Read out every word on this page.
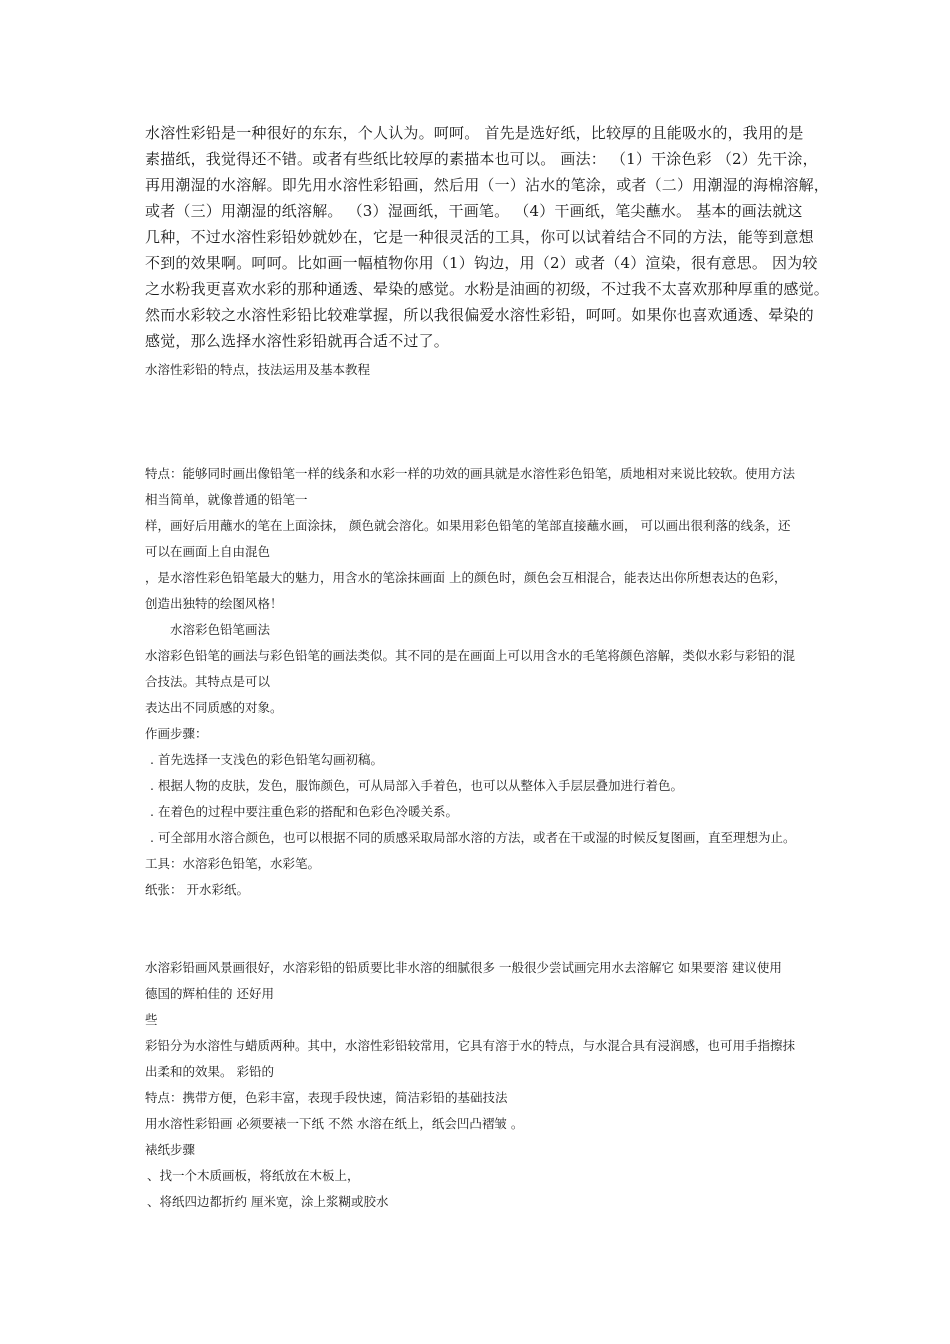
水溶性彩铅是一种很好的东东，个人认为。呵呵。 首先是选好纸，比较厚的且能吸水的，我用的是
素描纸，我觉得还不错。或者有些纸比较厚的素描本也可以。 画法： （1）干涂色彩 （2）先干涂，
再用潮湿的水溶解。即先用水溶性彩铅画，然后用（一）沾水的笔涂，或者（二）用潮湿的海棉溶解，
或者（三）用潮湿的纸溶解。 （3）湿画纸，干画笔。 （4）干画纸，笔尖蘸水。 基本的画法就这
几种，不过水溶性彩铅妙就妙在，它是一种很灵活的工具，你可以试着结合不同的方法，能等到意想
不到的效果啊。呵呵。比如画一幅植物你用（1）钩边，用（2）或者（4）渲染，很有意思。 因为较
之水粉我更喜欢水彩的那种通透、晕染的感觉。水粉是油画的初级，不过我不太喜欢那种厚重的感觉。
然而水彩较之水溶性彩铅比较难掌握，所以我很偏爱水溶性彩铅，呵呵。如果你也喜欢通透、晕染的
感觉，那么选择水溶性彩铅就再合适不过了。
水溶性彩铅的特点，技法运用及基本教程
特点：能够同时画出像铅笔一样的线条和水彩一样的功效的画具就是水溶性彩色铅笔，质地相对来说比较软。使用方法
相当简单，就像普通的铅笔一
样，画好后用蘸水的笔在上面涂抹， 颜色就会溶化。如果用彩色铅笔的笔部直接蘸水画， 可以画出很利落的线条，还
可以在画面上自由混色
，是水溶性彩色铅笔最大的魅力，用含水的笔涂抹画面 上的颜色时，颜色会互相混合，能表达出你所想表达的色彩，
创造出独特的绘图风格！
水溶彩色铅笔画法
水溶彩色铅笔的画法与彩色铅笔的画法类似。其不同的是在画面上可以用含水的毛笔将颜色溶解，类似水彩与彩铅的混
合技法。其特点是可以
表达出不同质感的对象。
作画步骤：
. 首先选择一支浅色的彩色铅笔勾画初稿。
. 根据人物的皮肤，发色，服饰颜色，可从局部入手着色，也可以从整体入手层层叠加进行着色。
. 在着色的过程中要注重色彩的搭配和色彩色冷暖关系。
. 可全部用水溶合颜色，也可以根据不同的质感采取局部水溶的方法，或者在干或湿的时候反复图画，直至理想为止。
工具：水溶彩色铅笔，水彩笔。
纸张： 开水彩纸。
水溶彩铅画风景画很好，水溶彩铅的铅质要比非水溶的细腻很多 一般很少尝试画完用水去溶解它 如果要溶 建议使用
德国的辉柏佳的 还好用
些
彩铅分为水溶性与蜡质两种。其中，水溶性彩铅较常用，它具有溶于水的特点，与水混合具有浸润感，也可用手指擦抹
出柔和的效果。 彩铅的
特点：携带方便，色彩丰富，表现手段快速，简洁彩铅的基础技法
用水溶性彩铅画 必须要裱一下纸 不然 水溶在纸上，纸会凹凸褶皱 。
裱纸步骤
、找一个木质画板，将纸放在木板上，
、将纸四边都折约 厘米宽，涂上浆糊或胶水
